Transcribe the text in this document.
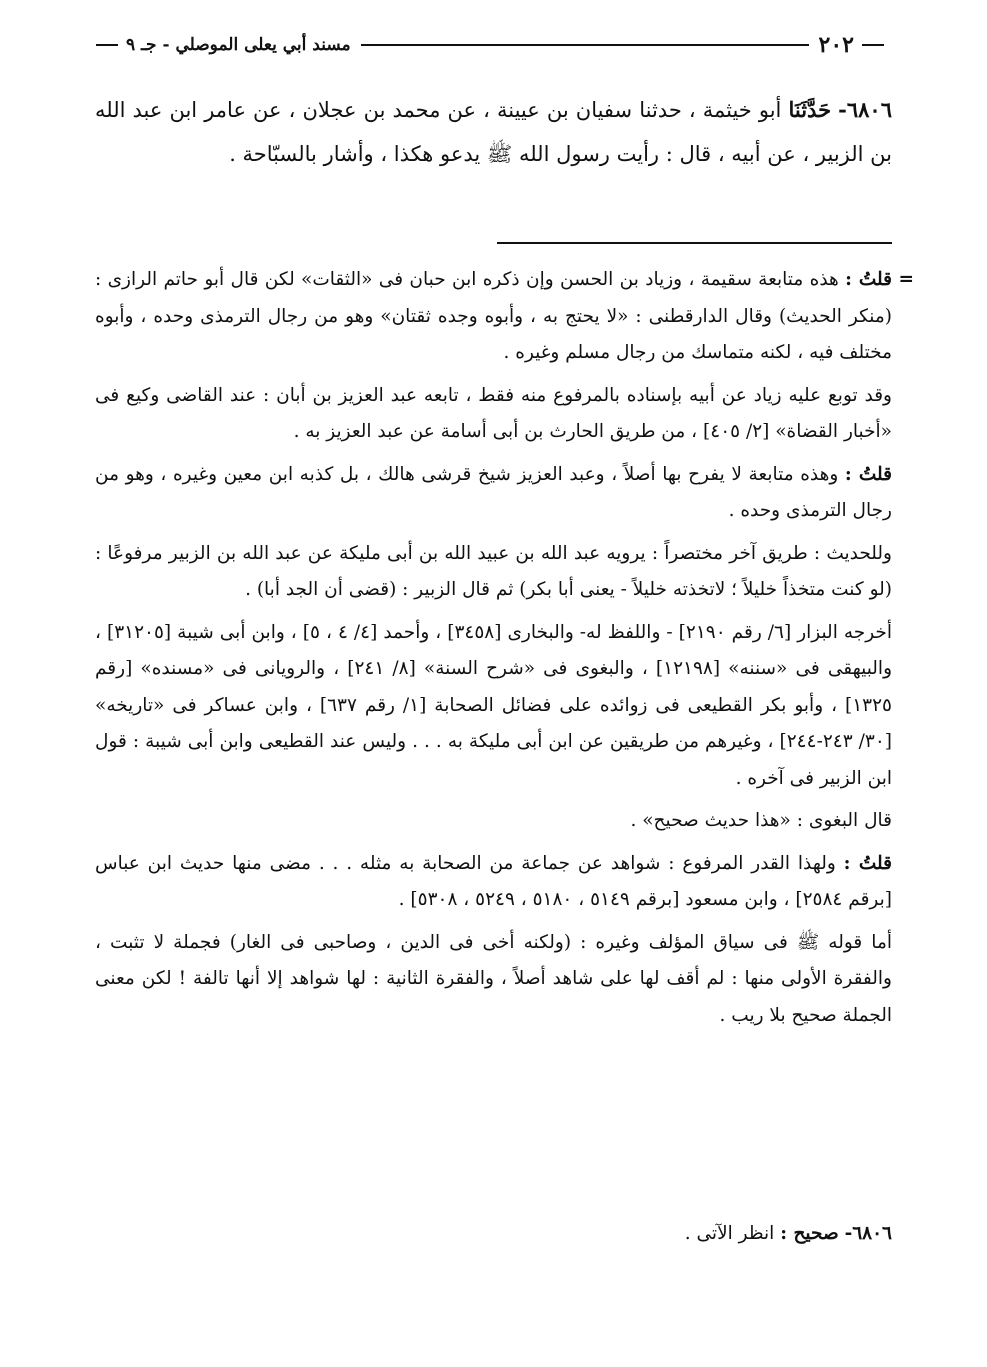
٢٠٢
مسند أبي يعلى الموصلي - جـ ٩

٦٨٠٦- حَدَّثَنَا أبو خيثمة ، حدثنا سفيان بن عيينة ، عن محمد بن عجلان ، عن عامر ابن عبد الله بن الزبير ، عن أبيه ، قال : رأيت رسول الله ﷺ يدعو هكذا ، وأشار بالسبّاحة .

=
قلتُ : هذه متابعة سقيمة ، وزياد بن الحسن وإن ذكره ابن حبان فى «الثقات» لكن قال أبو حاتم الرازى : (منكر الحديث) وقال الدارقطنى : «لا يحتج به ، وأبوه وجده ثقتان» وهو من رجال الترمذى وحده ، وأبوه مختلف فيه ، لكنه متماسك من رجال مسلم وغيره .

وقد توبع عليه زياد عن أبيه بإسناده بالمرفوع منه فقط ، تابعه عبد العزيز بن أبان : عند القاضى وكيع فى «أخبار القضاة» [٢/ ٤٠٥] ، من طريق الحارث بن أبى أسامة عن عبد العزيز به .

قلتُ : وهذه متابعة لا يفرح بها أصلاً ، وعبد العزيز شيخ قرشى هالك ، بل كذبه ابن معين وغيره ، وهو من رجال الترمذى وحده .

وللحديث : طريق آخر مختصراً : يرويه عبد الله بن عبيد الله بن أبى مليكة عن عبد الله بن الزبير مرفوعًا : (لو كنت متخذاً خليلاً ؛ لاتخذته خليلاً - يعنى أبا بكر) ثم قال الزبير : (قضى أن الجد أبا) .

أخرجه البزار [٦/ رقم ٢١٩٠] - واللفظ له- والبخارى [٣٤٥٨] ، وأحمد [٤/ ٤ ، ٥] ، وابن أبى شيبة [٣١٢٠٥] ، والبيهقى فى «سننه» [١٢١٩٨] ، والبغوى فى «شرح السنة» [٨/ ٢٤١] ، والرويانى فى «مسنده» [رقم ١٣٢٥] ، وأبو بكر القطيعى فى زوائده على فضائل الصحابة [١/ رقم ٦٣٧] ، وابن عساكر فى «تاريخه» [٣٠/ ٢٤٣-٢٤٤] ، وغيرهم من طريقين عن ابن أبى مليكة به . . . وليس عند القطيعى وابن أبى شيبة : قول ابن الزبير فى آخره .

قال البغوى : «هذا حديث صحيح» .

قلتُ : ولهذا القدر المرفوع : شواهد عن جماعة من الصحابة به مثله . . . مضى منها حديث ابن عباس [برقم ٢٥٨٤] ، وابن مسعود [برقم ٥١٤٩ ، ٥١٨٠ ، ٥٢٤٩ ، ٥٣٠٨] .

أما قوله ﷺ فى سياق المؤلف وغيره : (ولكنه أخى فى الدين ، وصاحبى فى الغار) فجملة لا تثبت ، والفقرة الأولى منها : لم أقف لها على شاهد أصلاً ، والفقرة الثانية : لها شواهد إلا أنها تالفة ! لكن معنى الجملة صحيح بلا ريب .

٦٨٠٦- صحيح : انظر الآتى .
